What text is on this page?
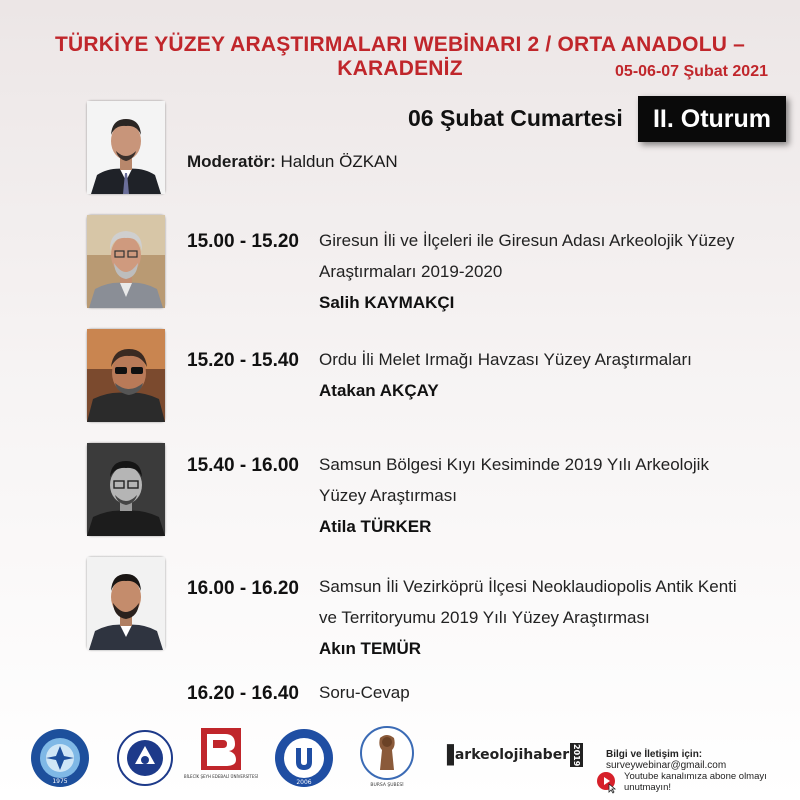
TÜRKİYE YÜZEY ARAŞTIRMALARI WEBİNARI 2 / ORTA ANADOLU – KARADENİZ	05-06-07 Şubat 2021
06 Şubat Cumartesi	II. Oturum
Moderatör: Haldun ÖZKAN
15.00 - 15.20 Giresun İli ve İlçeleri ile Giresun Adası Arkeolojik Yüzey
Araştırmaları 2019-2020
Salih KAYMAKÇI
15.20 - 15.40 Ordu İli Melet Irmağı Havzası Yüzey Araştırmaları
Atakan AKÇAY
15.40 - 16.00 Samsun Bölgesi Kıyı Kesiminde 2019 Yılı Arkeolojik
Yüzey Araştırması
Atila TÜRKER
16.00 - 16.20 Samsun İli Vezirköprü İlçesi Neoklaudiopolis Antik Kenti
ve Territoryumu 2019 Yılı Yüzey Araştırması
Akın TEMÜR
16.20 - 16.40 Soru-Cevap
1975
BİLECİK ŞEYH EDEBALİ ÜNİVERSİTESİ
2006	BURSA ŞUBESİ
▐ arkeolojihaber 2019 Bilgi ve İletişim için: surveywebinar@gmail.com
Youtube kanalımıza abone olmayı unutmayın!
